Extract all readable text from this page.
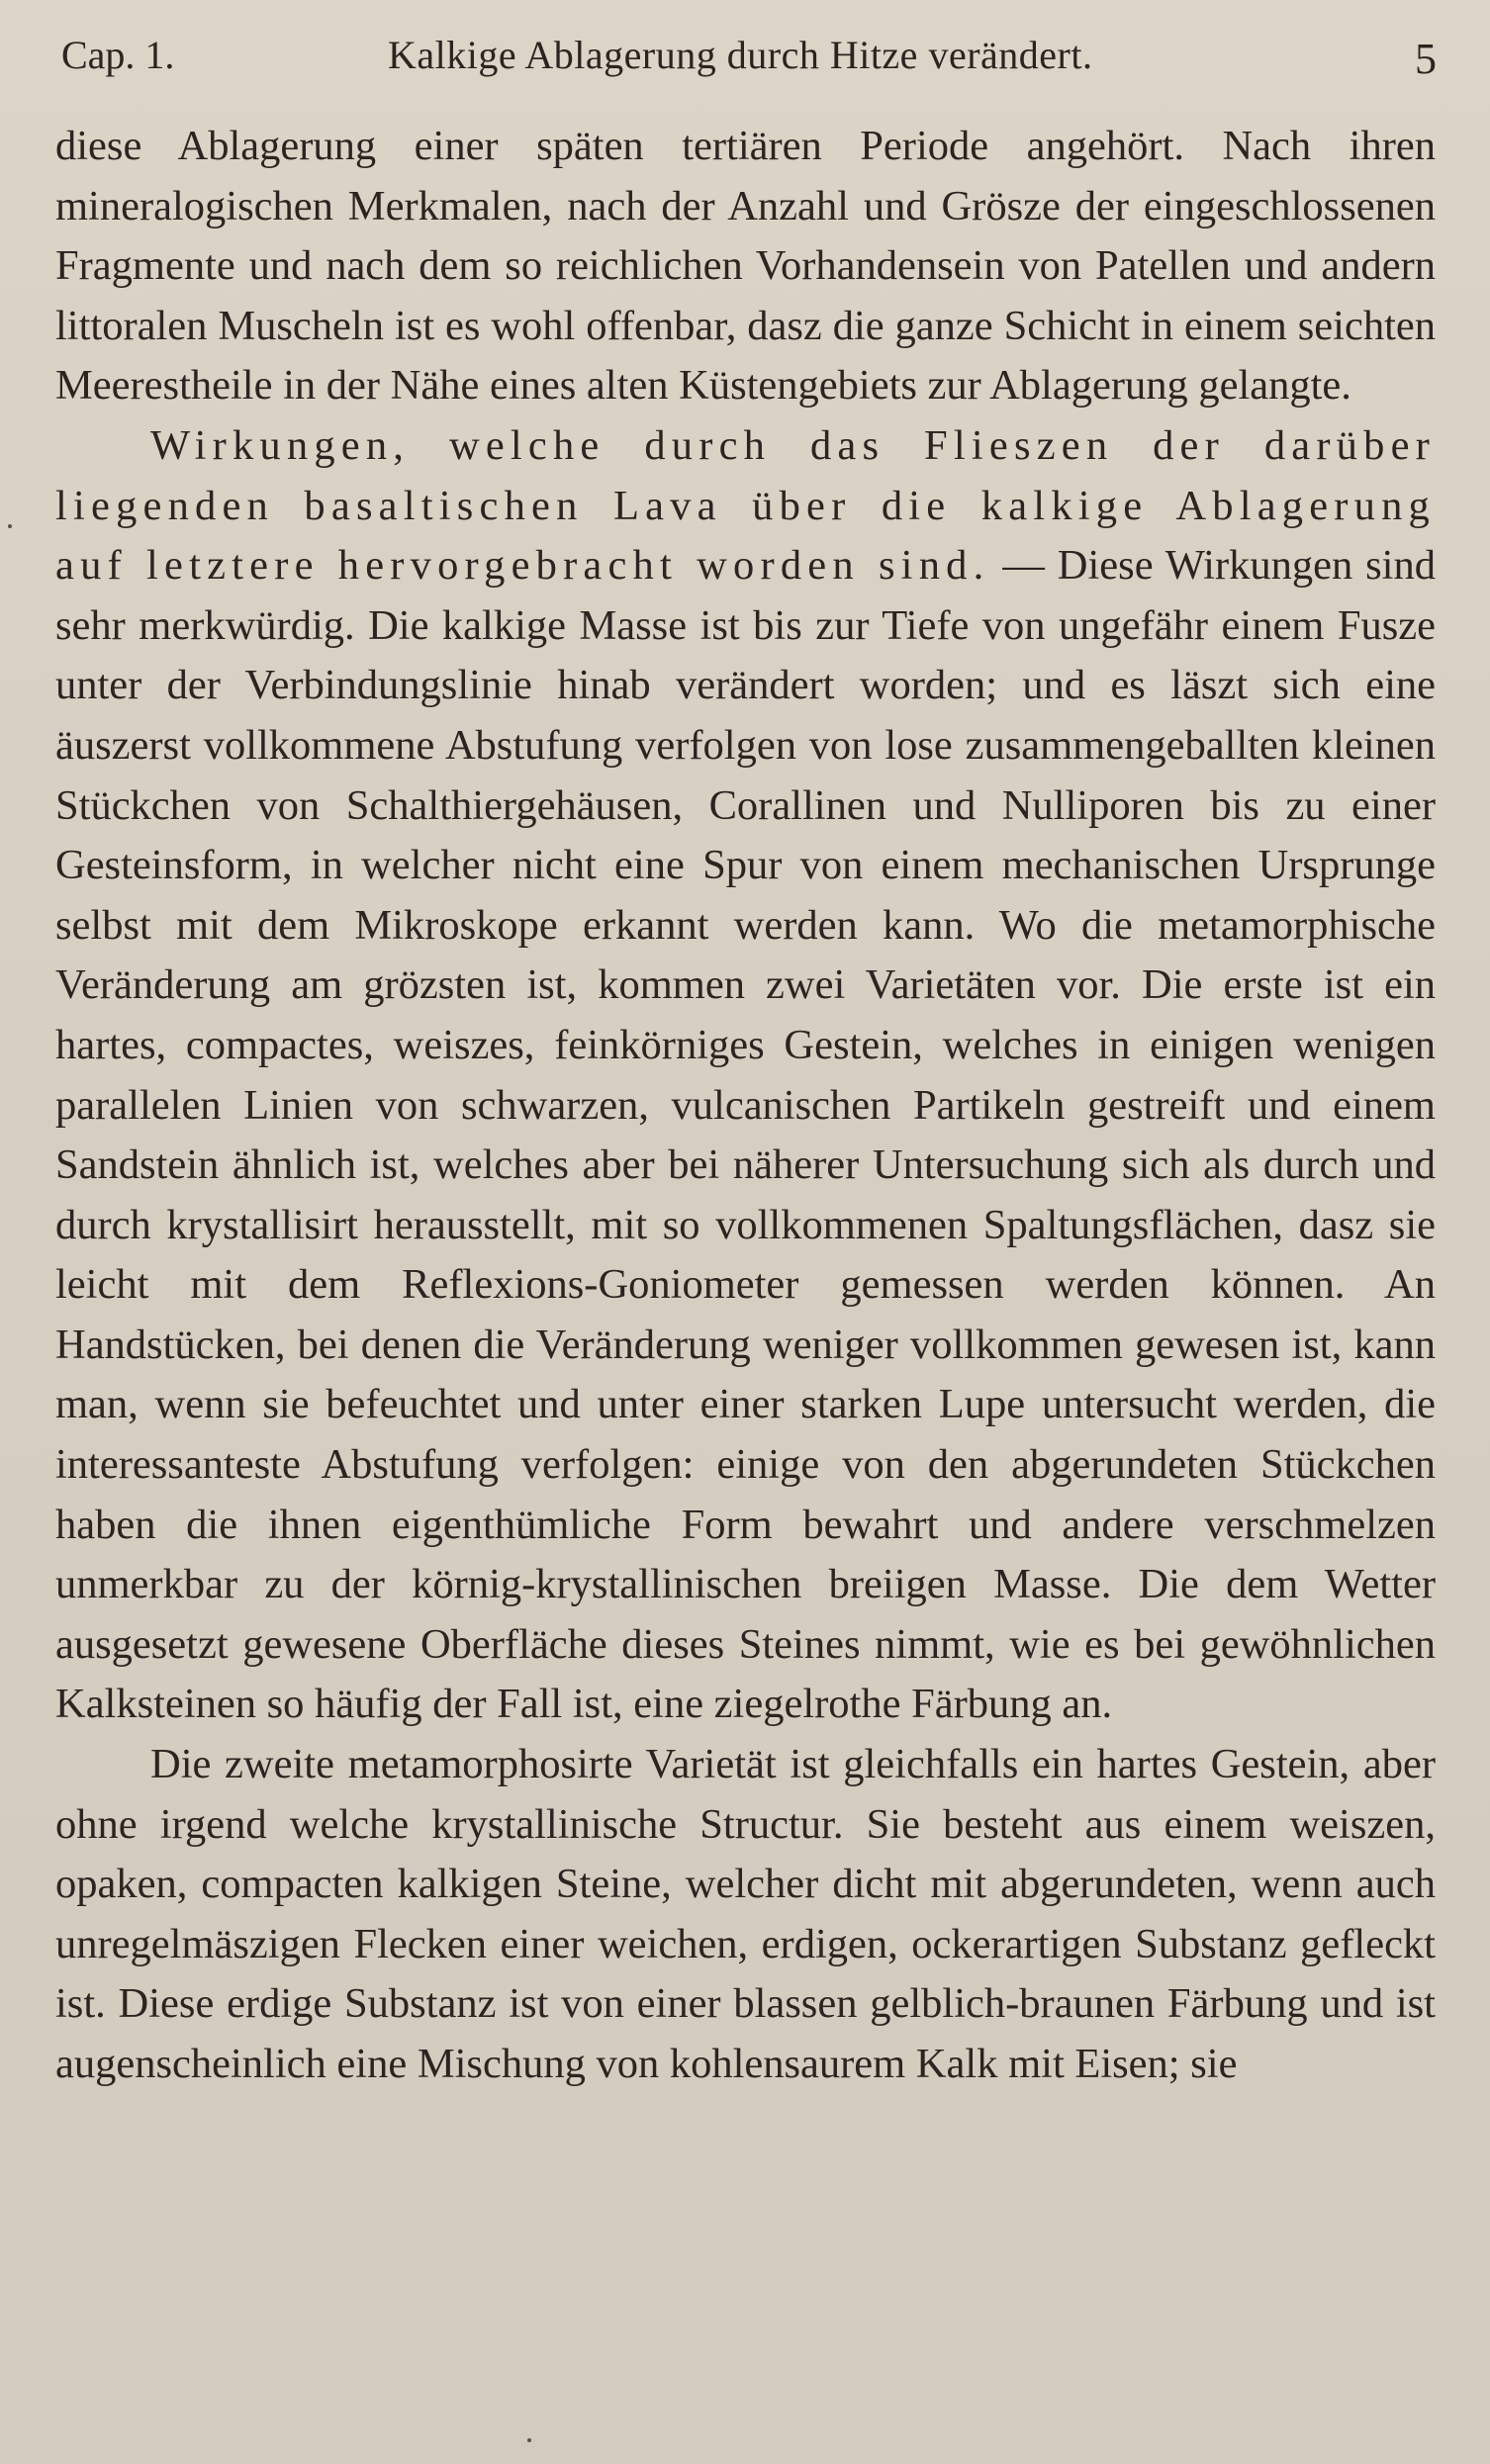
Cap. 1.	Kalkige Ablagerung durch Hitze verändert.	5

diese Ablagerung einer späten tertiären Periode angehört. Nach ihren mineralogischen Merkmalen, nach der Anzahl und Grösze der eingeschlossenen Fragmente und nach dem so reichlichen Vorhandensein von Patellen und andern littoralen Muscheln ist es wohl offenbar, dasz die ganze Schicht in einem seichten Meerestheile in der Nähe eines alten Küstengebiets zur Ablagerung gelangte.

Wirkungen, welche durch das Flieszen der darüber liegenden basaltischen Lava über die kalkige Ablagerung auf letztere hervorgebracht worden sind. — Diese Wirkungen sind sehr merkwürdig. Die kalkige Masse ist bis zur Tiefe von ungefähr einem Fusze unter der Verbindungslinie hinab verändert worden; und es läszt sich eine äuszerst vollkommene Abstufung verfolgen von lose zusammengeballten kleinen Stückchen von Schalthiergehäusen, Corallinen und Nulliporen bis zu einer Gesteinsform, in welcher nicht eine Spur von einem mechanischen Ursprunge selbst mit dem Mikroskope erkannt werden kann. Wo die metamorphische Veränderung am grözsten ist, kommen zwei Varietäten vor. Die erste ist ein hartes, compactes, weiszes, feinkörniges Gestein, welches in einigen wenigen parallelen Linien von schwarzen, vulcanischen Partikeln gestreift und einem Sandstein ähnlich ist, welches aber bei näherer Untersuchung sich als durch und durch krystallisirt herausstellt, mit so vollkommenen Spaltungsflächen, dasz sie leicht mit dem Reflexions-Goniometer gemessen werden können. An Handstücken, bei denen die Veränderung weniger vollkommen gewesen ist, kann man, wenn sie befeuchtet und unter einer starken Lupe untersucht werden, die interessanteste Abstufung verfolgen: einige von den abgerundeten Stückchen haben die ihnen eigenthümliche Form bewahrt und andere verschmelzen unmerkbar zu der körnig-krystallinischen breiigen Masse. Die dem Wetter ausgesetzt gewesene Oberfläche dieses Steines nimmt, wie es bei gewöhnlichen Kalksteinen so häufig der Fall ist, eine ziegelrothe Färbung an.

Die zweite metamorphosirte Varietät ist gleichfalls ein hartes Gestein, aber ohne irgend welche krystallinische Structur. Sie besteht aus einem weiszen, opaken, compacten kalkigen Steine, welcher dicht mit abgerundeten, wenn auch unregelmäszigen Flecken einer weichen, erdigen, ockerartigen Substanz gefleckt ist. Diese erdige Substanz ist von einer blassen gelblich-braunen Färbung und ist augenscheinlich eine Mischung von kohlensaurem Kalk mit Eisen; sie
